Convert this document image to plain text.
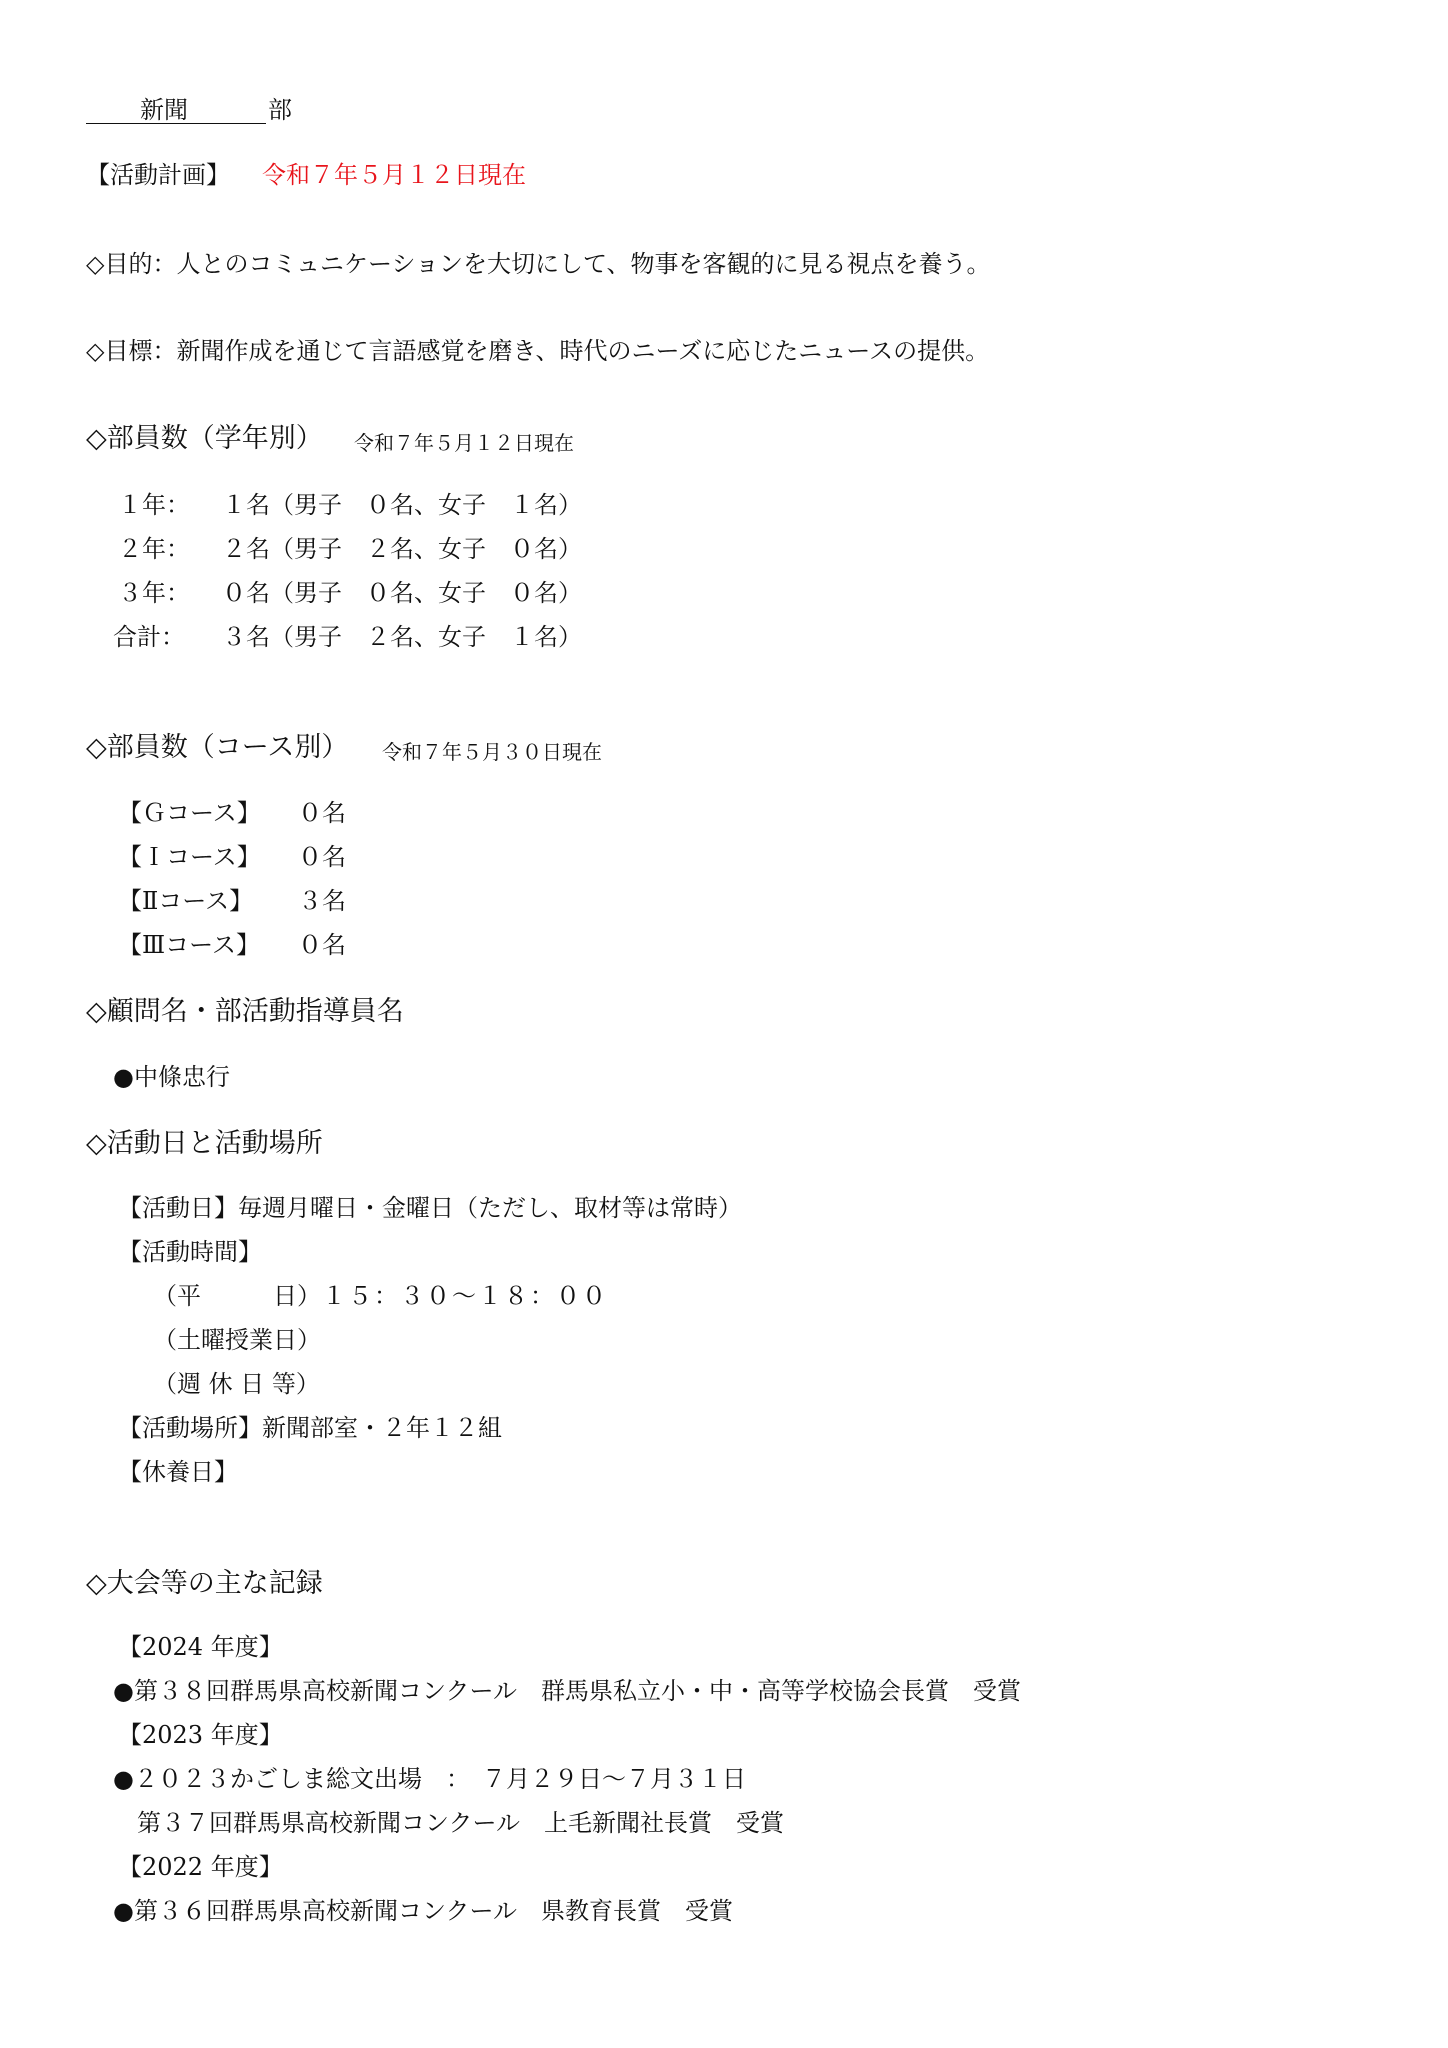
新聞	部
【活動計画】 令和７年５月１２日現在
◇目的：人とのコミュニケーションを大切にして、物事を客観的に見る視点を養う。
◇目標：新聞作成を通じて言語感覚を磨き、時代のニーズに応じたニュースの提供。
◇部員数（学年別） 令和７年５月１２日現在
１年： １名（男子　０名、女子　１名）
２年： ２名（男子　２名、女子　０名）
３年： ０名（男子　０名、女子　０名）
合計： ３名（男子　２名、女子　１名）
◇部員数（コース別） 令和７年５月３０日現在
【Ｇコース】 ０名
【Ｉコース】 ０名
【Ⅱコース】 ３名
【Ⅲコース】 ０名
◇顧問名・部活動指導員名
●中條忠行
◇活動日と活動場所
【活動日】毎週月曜日・金曜日（ただし、取材等は常時）
【活動時間】
（平　　　日） １５：３０～１８：００
（土曜授業日）
（週 休 日 等）
【活動場所】新聞部室・２年１２組
【休養日】
◇大会等の主な記録
【2024 年度】
●第３８回群馬県高校新聞コンクール　群馬県私立小・中・高等学校協会長賞　受賞
【2023 年度】
●２０２３かごしま総文出場　：　７月２９日～７月３１日
　第３７回群馬県高校新聞コンクール　上毛新聞社長賞　受賞
【2022 年度】
●第３６回群馬県高校新聞コンクール　県教育長賞　受賞
